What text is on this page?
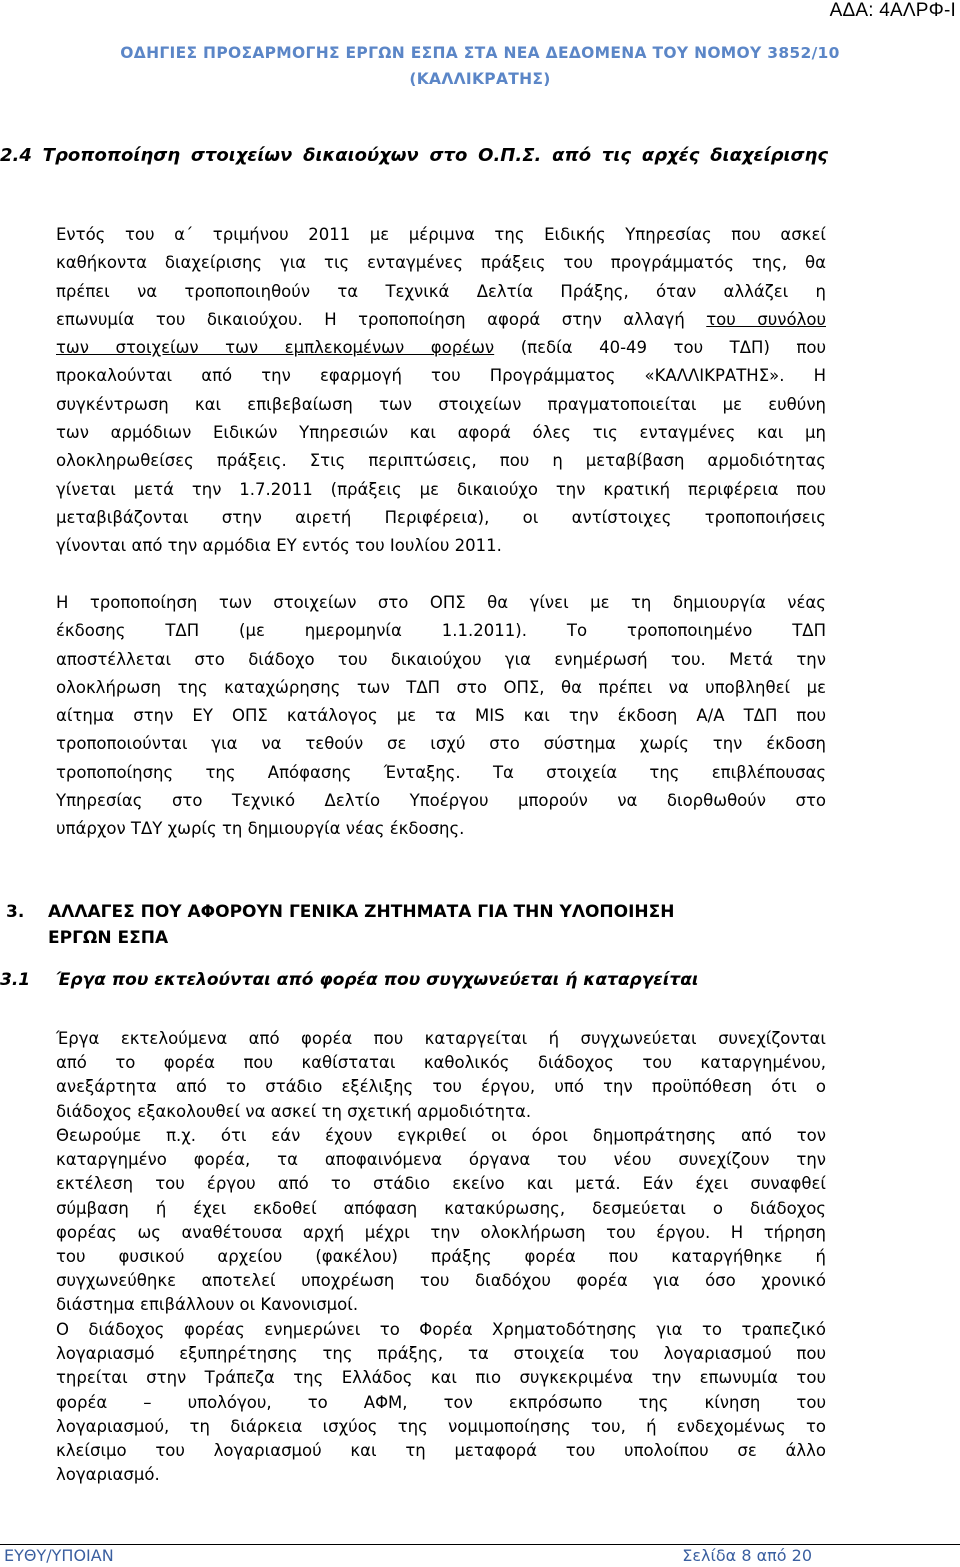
ΑΔΑ: 4ΑΛΡΦ-Ι
ΟΔΗΓΙΕΣ ΠΡΟΣΑΡΜΟΓΗΣ ΕΡΓΩΝ ΕΣΠΑ ΣΤΑ ΝΕΑ ΔΕΔΟΜΕΝΑ ΤΟΥ ΝΟΜΟΥ 3852/10
(ΚΑΛΛΙΚΡΑΤΗΣ)
2.4 Τροποποίηση στοιχείων δικαιούχων στο Ο.Π.Σ. από τις αρχές διαχείρισης
Εντός του α΄ τριμήνου 2011 με μέριμνα της Ειδικής Υπηρεσίας που ασκεί
καθήκοντα διαχείρισης για τις ενταγμένες πράξεις του προγράμματός της, θα
πρέπει να τροποποιηθούν τα Τεχνικά Δελτία Πράξης, όταν αλλάζει η
επωνυμία του δικαιούχου. Η τροποποίηση αφορά στην αλλαγή του συνόλου
των στοιχείων των εμπλεκομένων φορέων (πεδία 40-49 του ΤΔΠ) που
προκαλούνται από την εφαρμογή του Προγράμματος «ΚΑΛΛΙΚΡΑΤΗΣ». Η
συγκέντρωση και επιβεβαίωση των στοιχείων πραγματοποιείται με ευθύνη
των αρμόδιων Ειδικών Υπηρεσιών και αφορά όλες τις ενταγμένες και μη
ολοκληρωθείσες πράξεις. Στις περιπτώσεις, που η μεταβίβαση αρμοδιότητας
γίνεται μετά την 1.7.2011 (πράξεις με δικαιούχο την κρατική περιφέρεια που
μεταβιβάζονται στην αιρετή Περιφέρεια), οι αντίστοιχες τροποποιήσεις
γίνονται από την αρμόδια ΕΥ εντός του Ιουλίου 2011.
Η τροποποίηση των στοιχείων στο ΟΠΣ θα γίνει με τη δημιουργία νέας
έκδοσης ΤΔΠ (με ημερομηνία 1.1.2011). Το τροποποιημένο ΤΔΠ
αποστέλλεται στο διάδοχο του δικαιούχου για ενημέρωσή του. Μετά την
ολοκλήρωση της καταχώρησης των ΤΔΠ στο ΟΠΣ, θα πρέπει να υποβληθεί με
αίτημα στην ΕΥ ΟΠΣ κατάλογος με τα MIS και την έκδοση Α/Α ΤΔΠ που
τροποποιούνται για να τεθούν σε ισχύ στο σύστημα χωρίς την έκδοση
τροποποίησης της Απόφασης Ένταξης. Τα στοιχεία της επιβλέπουσας
Υπηρεσίας στο Τεχνικό Δελτίο Υποέργου μπορούν να διορθωθούν στο
υπάρχον ΤΔΥ χωρίς τη δημιουργία νέας έκδοσης.
3. ΑΛΛΑΓΕΣ ΠΟΥ ΑΦΟΡΟΥΝ ΓΕΝΙΚΑ ΖΗΤΗΜΑΤΑ ΓΙΑ ΤΗΝ ΥΛΟΠΟΙΗΣΗ
ΕΡΓΩΝ ΕΣΠΑ
3.1 Έργα που εκτελούνται από φορέα που συγχωνεύεται ή καταργείται
Έργα εκτελούμενα από φορέα που καταργείται ή συγχωνεύεται συνεχίζονται
από το φορέα που καθίσταται καθολικός διάδοχος του καταργημένου,
ανεξάρτητα από το στάδιο εξέλιξης του έργου, υπό την προϋπόθεση ότι ο
διάδοχος εξακολουθεί να ασκεί τη σχετική αρμοδιότητα.
Θεωρούμε π.χ. ότι εάν έχουν εγκριθεί οι όροι δημοπράτησης από τον
καταργημένο φορέα, τα αποφαινόμενα όργανα του νέου συνεχίζουν την
εκτέλεση του έργου από το στάδιο εκείνο και μετά. Εάν έχει συναφθεί
σύμβαση ή έχει εκδοθεί απόφαση κατακύρωσης, δεσμεύεται ο διάδοχος
φορέας ως αναθέτουσα αρχή μέχρι την ολοκλήρωση του έργου. Η τήρηση
του φυσικού αρχείου (φακέλου) πράξης φορέα που καταργήθηκε ή
συγχωνεύθηκε αποτελεί υποχρέωση του διαδόχου φορέα για όσο χρονικό
διάστημα επιβάλλουν οι Κανονισμοί.
Ο διάδοχος φορέας ενημερώνει το Φορέα Χρηματοδότησης για το τραπεζικό
λογαριασμό εξυπηρέτησης της πράξης, τα στοιχεία του λογαριασμού που
τηρείται στην Τράπεζα της Ελλάδος και πιο συγκεκριμένα την επωνυμία του
φορέα – υπολόγου, το ΑΦΜ, τον εκπρόσωπο της κίνηση του
λογαριασμού, τη διάρκεια ισχύος της νομιμοποίησης του, ή ενδεχομένως το
κλείσιμο του λογαριασμού και τη μεταφορά του υπολοίπου σε άλλο
λογαριασμό.
ΕΥΘΥ/ΥΠΟΙΑΝ	Σελίδα 8 από 20
